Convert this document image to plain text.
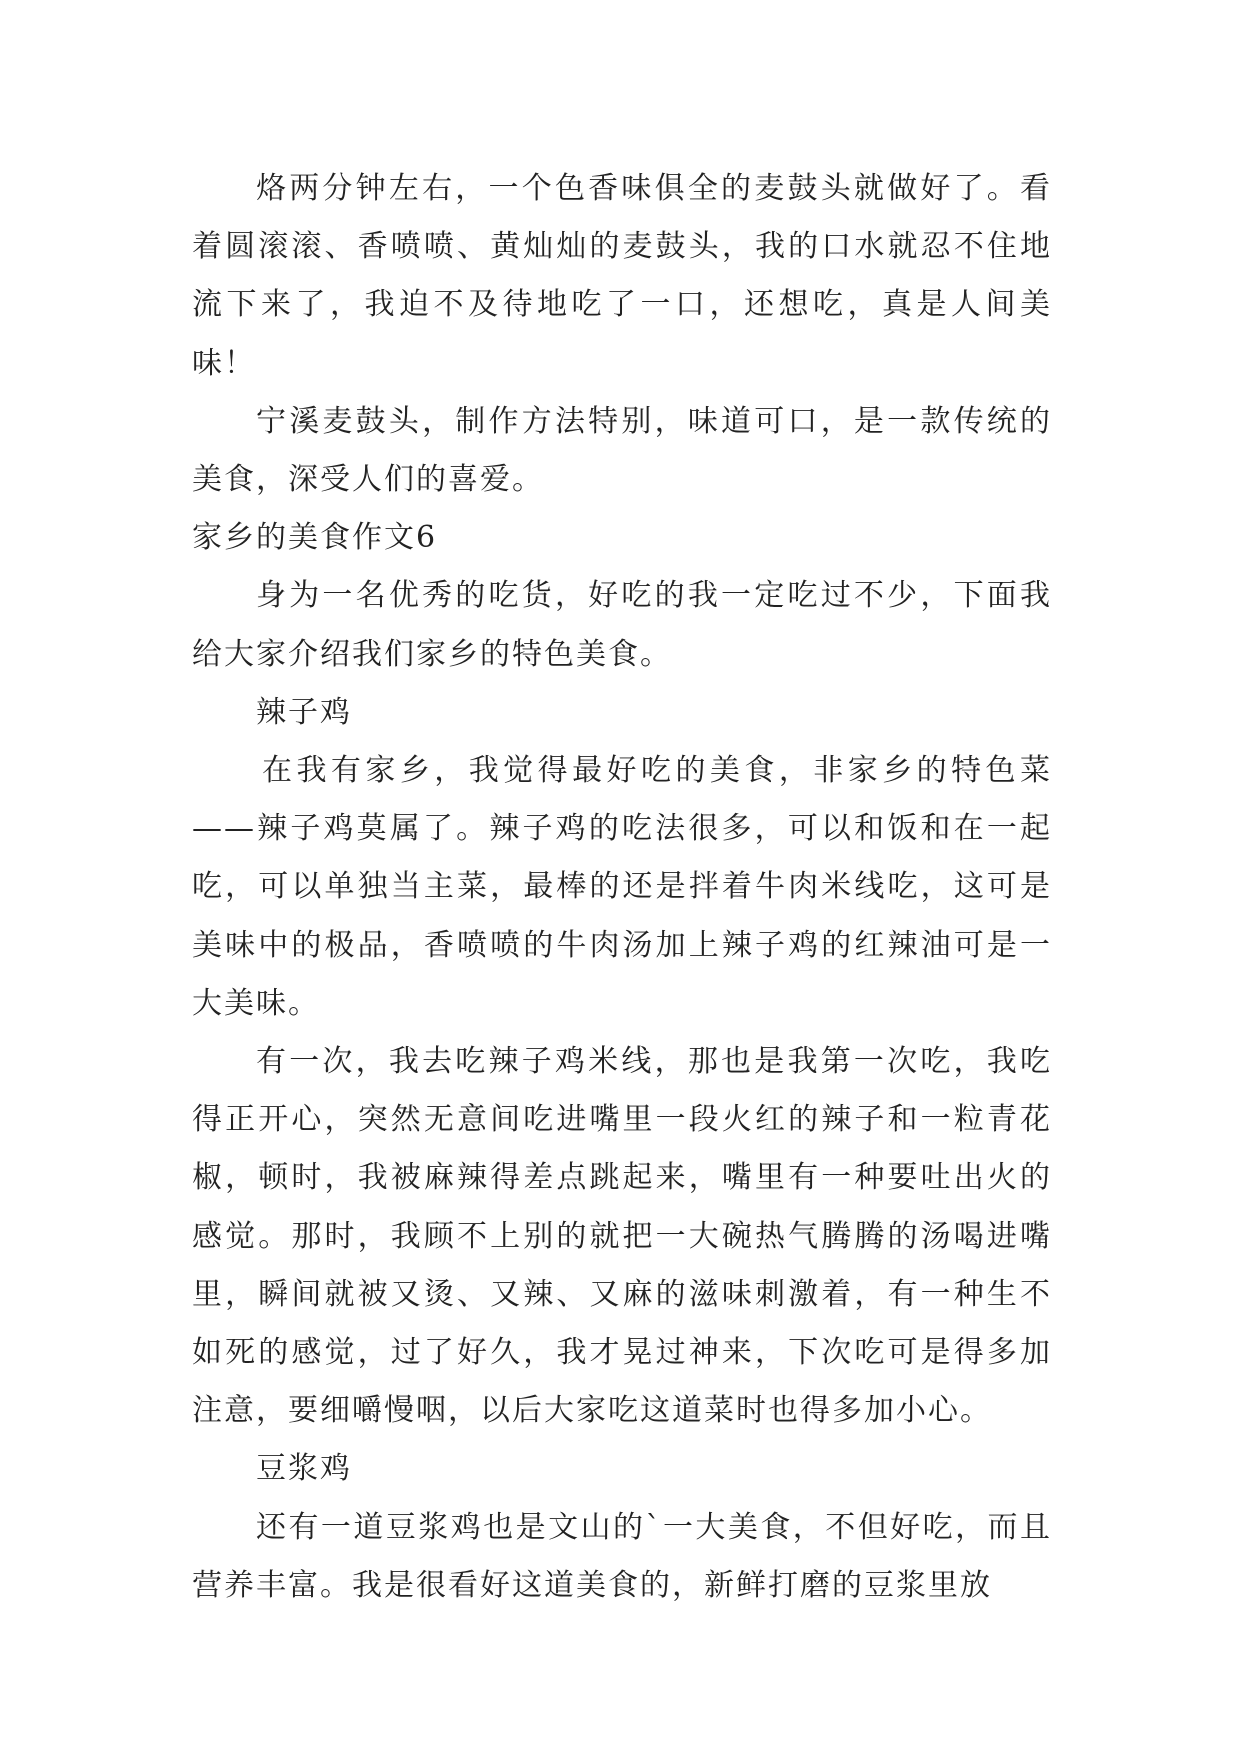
烙两分钟左右，一个色香味俱全的麦鼓头就做好了。看着圆滚滚、香喷喷、黄灿灿的麦鼓头，我的口水就忍不住地流下来了，我迫不及待地吃了一口，还想吃，真是人间美味！

宁溪麦鼓头，制作方法特别，味道可口，是一款传统的美食，深受人们的喜爱。

家乡的美食作文6

身为一名优秀的吃货，好吃的我一定吃过不少，下面我给大家介绍我们家乡的特色美食。

辣子鸡

在我有家乡，我觉得最好吃的美食，非家乡的特色菜——辣子鸡莫属了。辣子鸡的吃法很多，可以和饭和在一起吃，可以单独当主菜，最棒的还是拌着牛肉米线吃，这可是美味中的极品，香喷喷的牛肉汤加上辣子鸡的红辣油可是一大美味。

有一次，我去吃辣子鸡米线，那也是我第一次吃，我吃得正开心，突然无意间吃进嘴里一段火红的辣子和一粒青花椒，顿时，我被麻辣得差点跳起来，嘴里有一种要吐出火的感觉。那时，我顾不上别的就把一大碗热气腾腾的汤喝进嘴里，瞬间就被又烫、又辣、又麻的滋味刺激着，有一种生不如死的感觉，过了好久，我才晃过神来，下次吃可是得多加注意，要细嚼慢咽，以后大家吃这道菜时也得多加小心。

豆浆鸡

还有一道豆浆鸡也是文山的`一大美食，不但好吃，而且营养丰富。我是很看好这道美食的，新鲜打磨的豆浆里放
